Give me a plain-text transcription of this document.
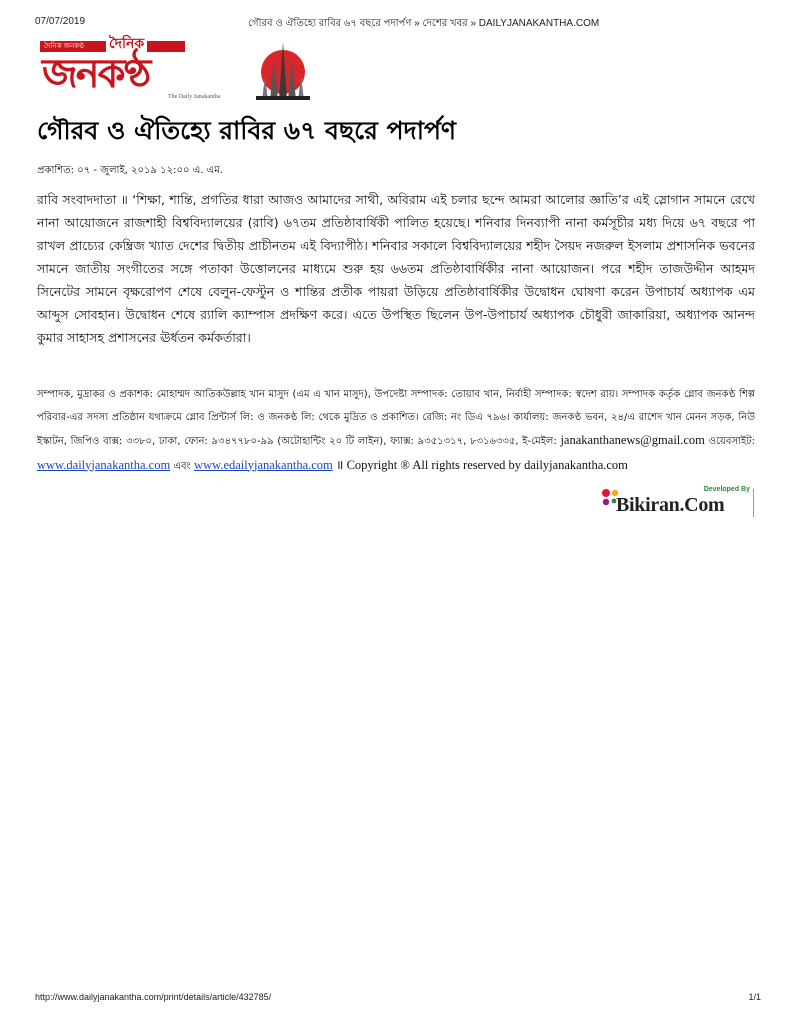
07/07/2019	গৌরব ও ঐতিহ্যে রাবির ৬৭ বছরে পদার্পণ » দেশের খবর » DAILYJANAKANTHA.COM
দৈনিক জনকণ্ঠ দৈনিক
জনকণ্ঠ	The Daily Janakantha
গৌরব ও ঐতিহ্যে রাবির ৬৭ বছরে পদার্পণ
প্রকাশিত: ০৭ - জুলাই, ২০১৯ ১২:০০ এ. এম.

রাবি সংবাদদাতা ॥ ‘শিক্ষা, শান্তি, প্রগতির ধারা আজও আমাদের সাথী, অবিরাম এই চলার ছন্দে আমরা আলোর জ্ঞাতি’র এই স্লোগান সামনে রেখে নানা আয়োজনে রাজশাহী বিশ্ববিদ্যালয়ের (রাবি) ৬৭তম প্রতিষ্ঠাবার্ষিকী পালিত হয়েছে। শনিবার দিনব্যাপী নানা কর্মসূচীর মধ্য দিয়ে ৬৭ বছরে পা রাখল প্রাচ্যের কেম্ব্রিজ খ্যাত দেশের দ্বিতীয় প্রাচীনতম এই বিদ্যাপীঠ। শনিবার সকালে বিশ্ববিদ্যালয়ের শহীদ সৈয়দ নজরুল ইসলাম প্রশাসনিক ভবনের সামনে জাতীয় সংগীতের সঙ্গে পতাকা উত্তোলনের মাধ্যমে শুরু হয় ৬৬তম প্রতিষ্ঠাবার্ষিকীর নানা আয়োজন। পরে শহীদ তাজউদ্দীন আহমদ সিনেটের সামনে বৃক্ষরোপণ শেষে বেলুন-ফেস্টুন ও শান্তির প্রতীক পায়রা উড়িয়ে প্রতিষ্ঠাবার্ষিকীর উদ্বোধন ঘোষণা করেন উপাচার্য অধ্যাপক এম আব্দুস সোবহান। উদ্বোধন শেষে র‌্যালি ক্যাম্পাস প্রদক্ষিণ করে। এতে উপস্থিত ছিলেন উপ-উপাচার্য অধ্যাপক চৌধুরী জাকারিয়া, অধ্যাপক আনন্দ কুমার সাহাসহ প্রশাসনের ঊর্ধতন কর্মকর্তারা।

সম্পাদক, মুদ্রাকর ও প্রকাশক: মোহাম্মদ আতিকউল্লাহ খান মাসুদ (এম এ খান মাসুদ), উপদেষ্টা সম্পাদক: তোয়াব খান, নির্বাহী সম্পাদক: স্বদেশ রায়। সম্পাদক কর্তৃক গ্লোব জনকণ্ঠ শিল্প পরিবার-এর সদস্য প্রতিষ্ঠান যথাক্রমে গ্লোব প্রিন্টার্স লি: ও জনকণ্ঠ লি: থেকে মুদ্রিত ও প্রকাশিত। রেজি: নং ডিএ ৭৯৬। কার্যালয়: জনকণ্ঠ ভবন, ২৪/এ রাশেদ খান মেনন সড়ক, নিউ ইস্কাটন, জিপিও বাক্স: ৩৩৮০, ঢাকা, ফোন: ৯৩৪৭৭৮০-৯৯ (অটোহান্টিং ২০ টি লাইন), ফ্যাক্স: ৯৩৫১৩১৭, ৮৩১৬৩৩৫, ই-মেইল: janakanthanews@gmail.com ওয়েবসাইট: www.dailyjanakantha.com এবং www.edailyjanakantha.com ॥ Copyright ® All rights reserved by dailyjanakantha.com

Developed By
Bikiran.Com
http://www.dailyjanakantha.com/print/details/article/432785/	1/1
